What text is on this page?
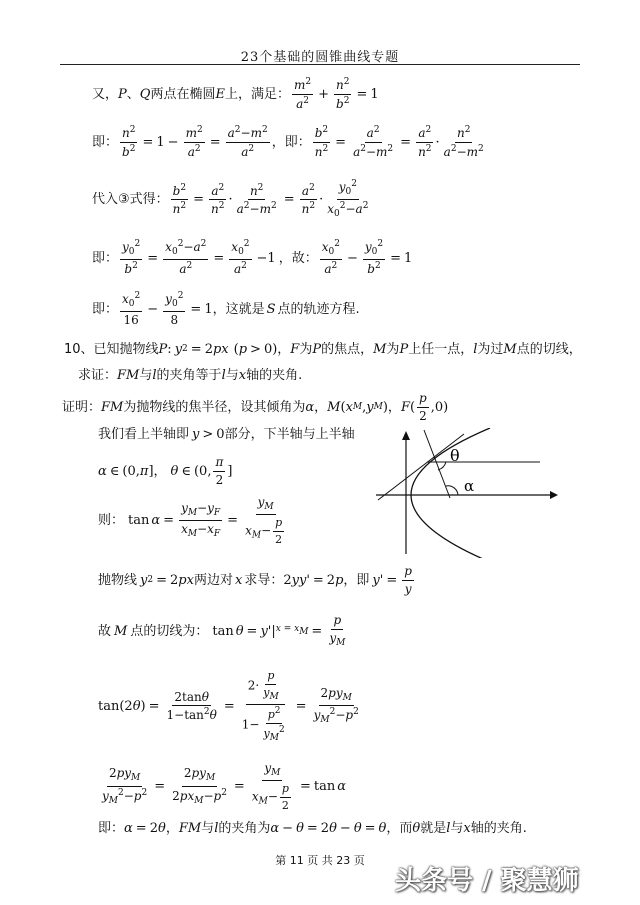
23个基础的圆锥曲线专题
又， P 、 Q 两点在椭圆 E 上，满足： $\frac{m^2}{a^2} + \frac{n^2}{b^2} = 1$
即： $\frac{n^2}{b^2} = 1 - \frac{m^2}{a^2} = \frac{a^2-m^2}{a^2}$ ，即： $\frac{b^2}{n^2} = \frac{a^2}{a^2-m^2} = \frac{a^2}{n^2} \cdot \frac{n^2}{a^2-m^2}$
代入③式得： $\frac{b^2}{n^2} = \frac{a^2}{n^2} \cdot \frac{n^2}{a^2-m^2} = \frac{a^2}{n^2} \cdot \frac{y_0^2}{x_0^2-a^2}$
即： $\frac{y_0^2}{b^2} = \frac{x_0^2-a^2}{a^2} = \frac{x_0^2}{a^2} -1$ ，故： $\frac{x_0^2}{a^2} - \frac{y_0^2}{b^2} = 1$
即： $\frac{x_0^2}{16} - \frac{y_0^2}{8} = 1$ ，这就是 S 点的轨迹方程.
10、已知抛物线 P : y 2 = 2 px ( p > 0) ， F 为 P 的焦点， M 为 P 上任一点， l 为过 M 点的切线，
求证： FM 与 l 的夹角等于 l 与 x 轴的夹角.
证明： FM 为抛物线的焦半径，设其倾角为 α ， M ( x M , y M ) ， F ( $\frac{p}{2} ,0$)
我们看上半轴即 y > 0 部分，下半轴与上半轴
α ∈ (0, π ] ， θ ∈ (0, $\frac{\pi}{2}$ ]
则： $\tan \alpha = \frac{y_M-y_F}{x_M-x_F} = \frac{y_M}{x_M- \frac{p}{2}}$
抛物线 y 2 = 2 px 两边对 x 求导： 2 yy ' = 2 p ，即 y ' = $\frac{p}{y}$
故 M 点的切线为： tan θ = y '| $x = x_M = \frac{p}{y_M}$
tan(2 θ ) = $\frac{2\tan\theta}{1-\tan^2\theta} = \frac{2\cdot \frac{p}{y_M}}{1- \frac{p^2}{y_M^2}} = \frac{2py_M}{y_M^2-p^2}$
$\frac{2py_M}{y_M^2-p^2} = \frac{2py_M}{2px_M-p^2} = \frac{y_M}{x_M- \frac{p}{2}} = \tan \alpha$
即： α = 2 θ ， FM 与 l 的夹角为 α − θ = 2 θ − θ = θ ，而 θ 就是 l 与 x 轴的夹角.
θ
α
第 11 页 共 23 页
头条号 / 聚慧狮
